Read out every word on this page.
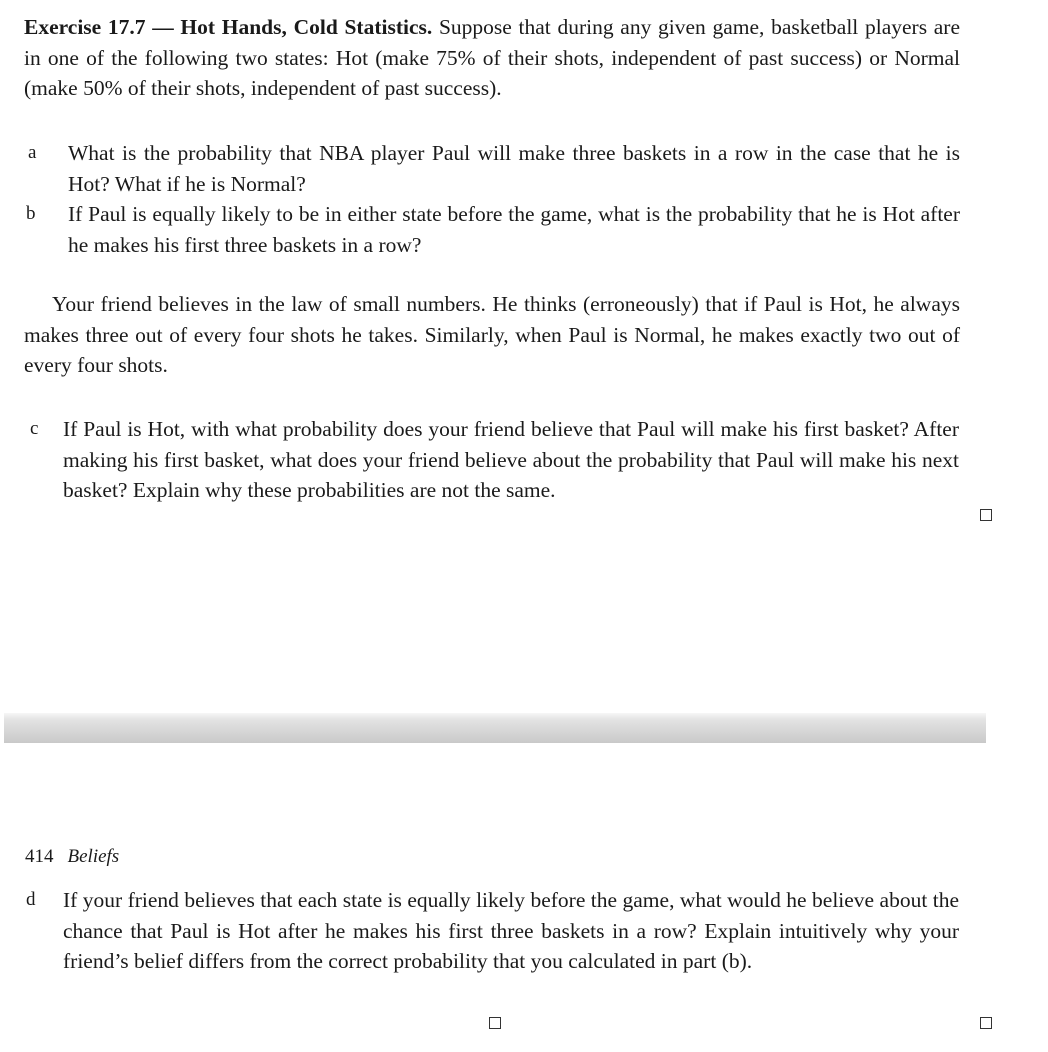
Exercise 17.7 — Hot Hands, Cold Statistics. Suppose that during any given game, basketball players are in one of the following two states: Hot (make 75% of their shots, independent of past success) or Normal (make 50% of their shots, independent of past success).

a	What is the probability that NBA player Paul will make three baskets in a row in the case that he is Hot? What if he is Normal?
b	If Paul is equally likely to be in either state before the game, what is the probability that he is Hot after he makes his first three baskets in a row?

Your friend believes in the law of small numbers. He thinks (erroneously) that if Paul is Hot, he always makes three out of every four shots he takes. Similarly, when Paul is Normal, he makes exactly two out of every four shots.

c	If Paul is Hot, with what probability does your friend believe that Paul will make his first basket? After making his first basket, what does your friend believe about the probability that Paul will make his next basket? Explain why these probabilities are not the same.
414 Beliefs
d	If your friend believes that each state is equally likely before the game, what would he believe about the chance that Paul is Hot after he makes his first three baskets in a row? Explain intuitively why your friend’s belief differs from the correct probability that you calculated in part (b).
